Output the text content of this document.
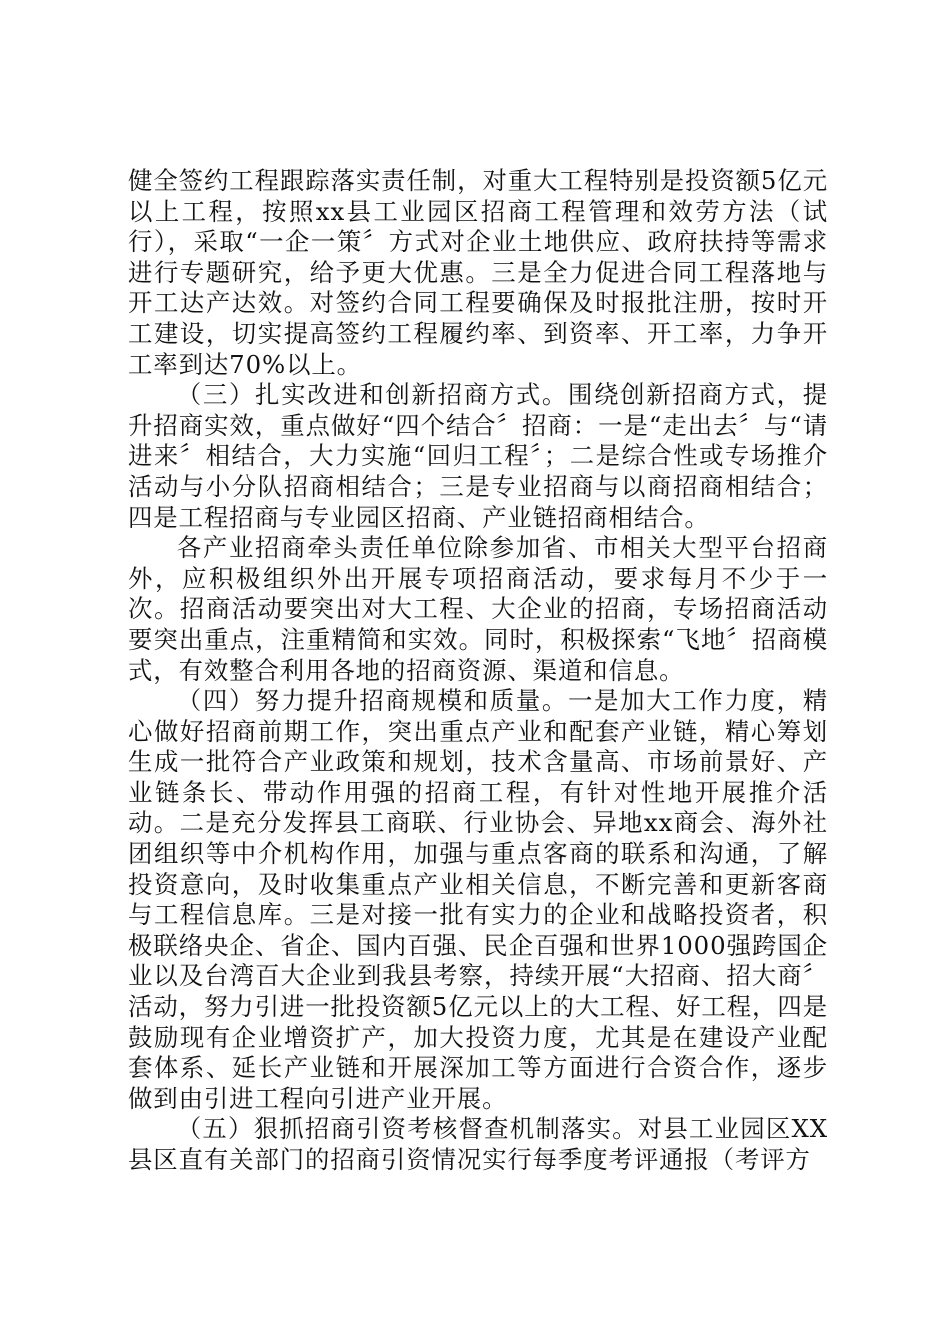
健全签约工程跟踪落实责任制，对重大工程特别是投资额5亿元以上工程，按照xx县工业园区招商工程管理和效劳方法（试行），采取“一企一策〞方式对企业土地供应、政府扶持等需求进行专题研究，给予更大优惠。三是全力促进合同工程落地与开工达产达效。对签约合同工程要确保及时报批注册，按时开工建设，切实提高签约工程履约率、到资率、开工率，力争开工率到达70%以上。

（三）扎实改进和创新招商方式。围绕创新招商方式，提升招商实效，重点做好“四个结合〞招商：一是“走出去〞与“请进来〞相结合，大力实施“回归工程〞；二是综合性或专场推介活动与小分队招商相结合；三是专业招商与以商招商相结合；四是工程招商与专业园区招商、产业链招商相结合。

各产业招商牵头责任单位除参加省、市相关大型平台招商外，应积极组织外出开展专项招商活动，要求每月不少于一次。招商活动要突出对大工程、大企业的招商，专场招商活动要突出重点，注重精简和实效。同时，积极探索“飞地〞招商模式，有效整合利用各地的招商资源、渠道和信息。

（四）努力提升招商规模和质量。一是加大工作力度，精心做好招商前期工作，突出重点产业和配套产业链，精心筹划生成一批符合产业政策和规划，技术含量高、市场前景好、产业链条长、带动作用强的招商工程，有针对性地开展推介活动。二是充分发挥县工商联、行业协会、异地xx商会、海外社团组织等中介机构作用，加强与重点客商的联系和沟通，了解投资意向，及时收集重点产业相关信息，不断完善和更新客商与工程信息库。三是对接一批有实力的企业和战略投资者，积极联络央企、省企、国内百强、民企百强和世界1000强跨国企业以及台湾百大企业到我县考察，持续开展“大招商、招大商〞活动，努力引进一批投资额5亿元以上的大工程、好工程，四是鼓励现有企业增资扩产，加大投资力度，尤其是在建设产业配套体系、延长产业链和开展深加工等方面进行合资合作，逐步做到由引进工程向引进产业开展。

（五）狠抓招商引资考核督查机制落实。对县工业园区XX县区直有关部门的招商引资情况实行每季度考评通报（考评方
